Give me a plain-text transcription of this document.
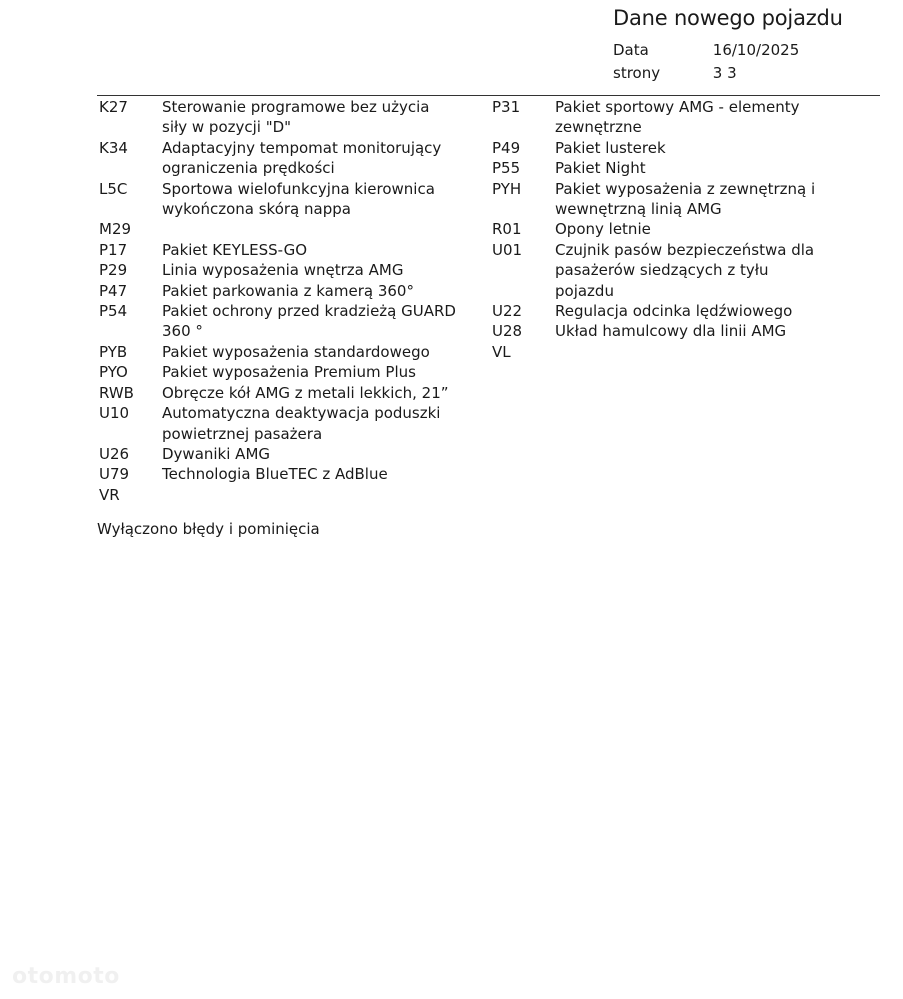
Dane nowego pojazdu
Data	16/10/2025
strony	3 3
K27	Sterowanie programowe bez użycia siły w pozycji "D"
K34	Adaptacyjny tempomat monitorujący ograniczenia prędkości
L5C	Sportowa wielofunkcyjna kierownica wykończona skórą nappa
M29
P17	Pakiet KEYLESS-GO
P29	Linia wyposażenia wnętrza AMG
P47	Pakiet parkowania z kamerą 360°
P54	Pakiet ochrony przed kradzieżą GUARD 360 °
PYB	Pakiet wyposażenia standardowego
PYO	Pakiet wyposażenia Premium Plus
RWB	Obręcze kół AMG z metali lekkich, 21”
U10	Automatyczna deaktywacja poduszki powietrznej pasażera
U26	Dywaniki AMG
U79	Technologia BlueTEC z AdBlue
VR
P31	Pakiet sportowy AMG - elementy zewnętrzne
P49	Pakiet lusterek
P55	Pakiet Night
PYH	Pakiet wyposażenia z zewnętrzną i wewnętrzną linią AMG
R01	Opony letnie
U01	Czujnik pasów bezpieczeństwa dla pasażerów siedzących z tyłu pojazdu
U22	Regulacja odcinka lędźwiowego
U28	Układ hamulcowy dla linii AMG
VL
Wyłączono błędy i pominięcia
otomoto
